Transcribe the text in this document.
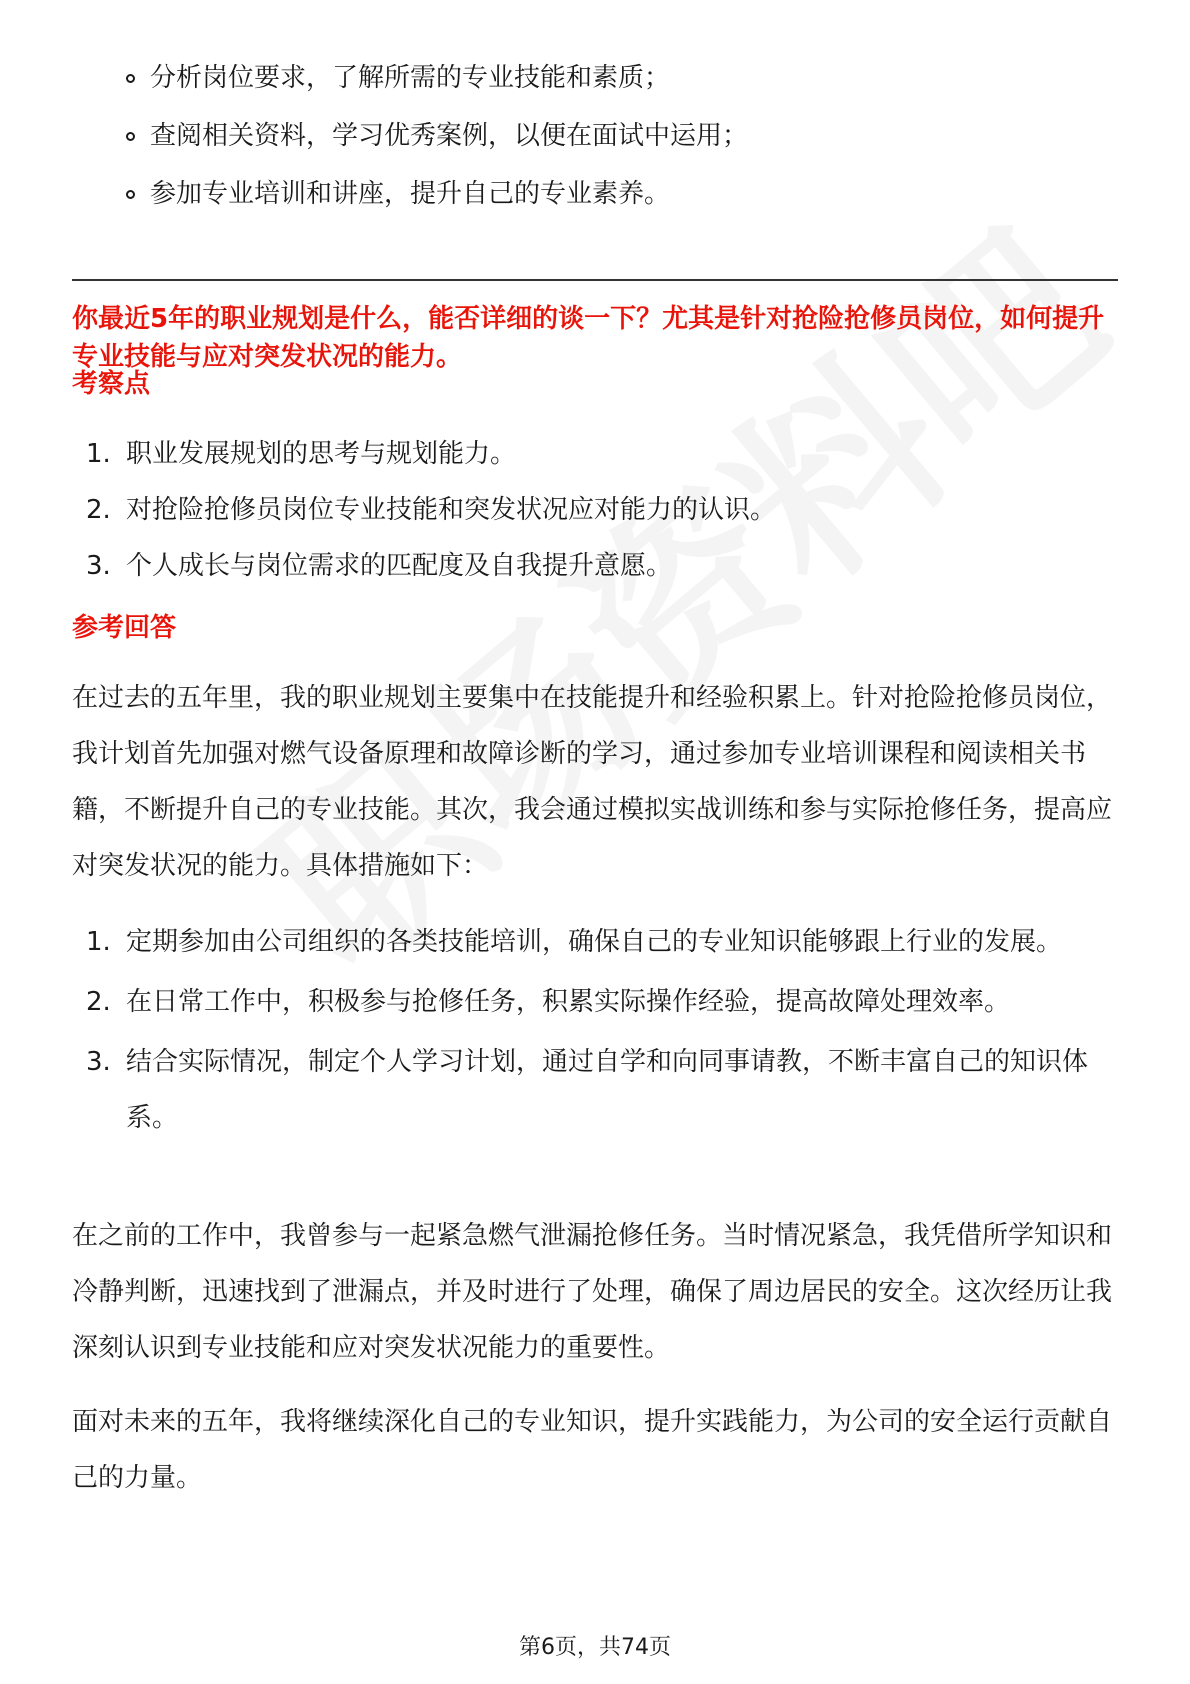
分析岗位要求，了解所需的专业技能和素质；
查阅相关资料，学习优秀案例，以便在面试中运用；
参加专业培训和讲座，提升自己的专业素养。
你最近5年的职业规划是什么，能否详细的谈一下？尤其是针对抢险抢修员岗位，如何提升专业技能与应对突发状况的能力。
考察点
1. 职业发展规划的思考与规划能力。
2. 对抢险抢修员岗位专业技能和突发状况应对能力的认识。
3. 个人成长与岗位需求的匹配度及自我提升意愿。
参考回答

在过去的五年里，我的职业规划主要集中在技能提升和经验积累上。针对抢险抢修员岗位，我计划首先加强对燃气设备原理和故障诊断的学习，通过参加专业培训课程和阅读相关书籍，不断提升自己的专业技能。其次，我会通过模拟实战训练和参与实际抢修任务，提高应对突发状况的能力。具体措施如下：

1. 定期参加由公司组织的各类技能培训，确保自己的专业知识能够跟上行业的发展。
2. 在日常工作中，积极参与抢修任务，积累实际操作经验，提高故障处理效率。
3. 结合实际情况，制定个人学习计划，通过自学和向同事请教，不断丰富自己的知识体系。

在之前的工作中，我曾参与一起紧急燃气泄漏抢修任务。当时情况紧急，我凭借所学知识和冷静判断，迅速找到了泄漏点，并及时进行了处理，确保了周边居民的安全。这次经历让我深刻认识到专业技能和应对突发状况能力的重要性。

面对未来的五年，我将继续深化自己的专业知识，提升实践能力，为公司的安全运行贡献自己的力量。

第6页，共74页
